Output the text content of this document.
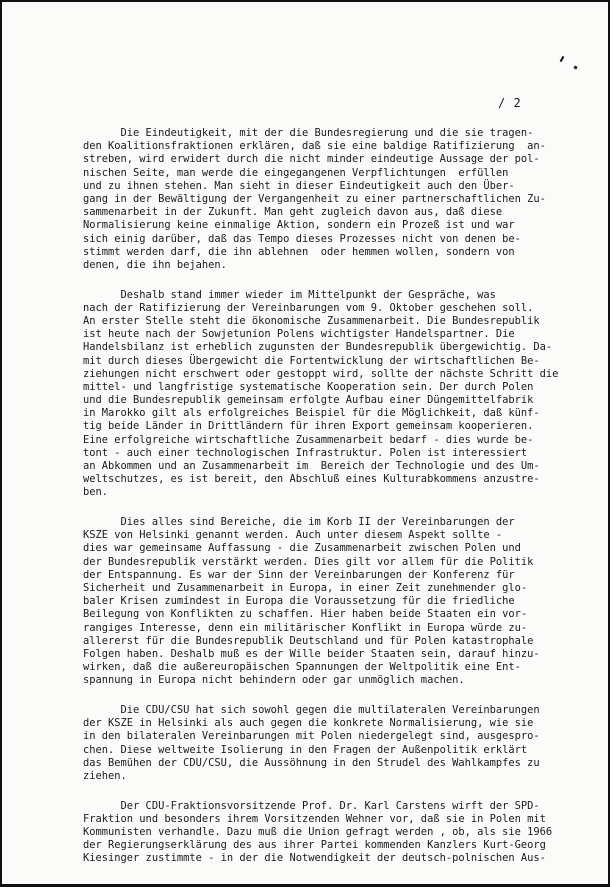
/ 2
Die Eindeutigkeit, mit der die Bundesregierung und die sie tragen-
den Koalitionsfraktionen erklären, daß sie eine baldige Ratifizierung  an-
streben, wird erwidert durch die nicht minder eindeutige Aussage der pol-
nischen Seite, man werde die eingegangenen Verpflichtungen  erfüllen
und zu ihnen stehen. Man sieht in dieser Eindeutigkeit auch den Über-
gang in der Bewältigung der Vergangenheit zu einer partnerschaftlichen Zu-
sammenarbeit in der Zukunft. Man geht zugleich davon aus, daß diese
Normalisierung keine einmalige Aktion, sondern ein Prozeß ist und war
sich einig darüber, daß das Tempo dieses Prozesses nicht von denen be-
stimmt werden darf, die ihn ablehnen  oder hemmen wollen, sondern von
denen, die ihn bejahen.
Deshalb stand immer wieder im Mittelpunkt der Gespräche, was
nach der Ratifizierung der Vereinbarungen vom 9. Oktober geschehen soll.
An erster Stelle steht die ökonomische Zusammenarbeit. Die Bundesrepublik
ist heute nach der Sowjetunion Polens wichtigster Handelspartner. Die
Handelsbilanz ist erheblich zugunsten der Bundesrepublik übergewichtig. Da-
mit durch dieses Übergewicht die Fortentwicklung der wirtschaftlichen Be-
ziehungen nicht erschwert oder gestoppt wird, sollte der nächste Schritt die
mittel- und langfristige systematische Kooperation sein. Der durch Polen
und die Bundesrepublik gemeinsam erfolgte Aufbau einer Düngemittelfabrik
in Marokko gilt als erfolgreiches Beispiel für die Möglichkeit, daß künf-
tig beide Länder in Drittländern für ihren Export gemeinsam kooperieren.
Eine erfolgreiche wirtschaftliche Zusammenarbeit bedarf - dies wurde be-
tont - auch einer technologischen Infrastruktur. Polen ist interessiert
an Abkommen und an Zusammenarbeit im  Bereich der Technologie und des Um-
weltschutzes, es ist bereit, den Abschluß eines Kulturabkommens anzustre-
ben.
Dies alles sind Bereiche, die im Korb II der Vereinbarungen der
KSZE von Helsinki genannt werden. Auch unter diesem Aspekt sollte -
dies war gemeinsame Auffassung - die Zusammenarbeit zwischen Polen und
der Bundesrepublik verstärkt werden. Dies gilt vor allem für die Politik
der Entspannung. Es war der Sinn der Vereinbarungen der Konferenz für
Sicherheit und Zusammenarbeit in Europa, in einer Zeit zunehmender glo-
baler Krisen zumindest in Europa die Voraussetzung für die friedliche
Beilegung von Konflikten zu schaffen. Hier haben beide Staaten ein vor-
rangiges Interesse, denn ein militärischer Konflikt in Europa würde zu-
allererst für die Bundesrepublik Deutschland und für Polen katastrophale
Folgen haben. Deshalb muß es der Wille beider Staaten sein, darauf hinzu-
wirken, daß die außereuropäischen Spannungen der Weltpolitik eine Ent-
spannung in Europa nicht behindern oder gar unmöglich machen.
Die CDU/CSU hat sich sowohl gegen die multilateralen Vereinbarungen
der KSZE in Helsinki als auch gegen die konkrete Normalisierung, wie sie
in den bilateralen Vereinbarungen mit Polen niedergelegt sind, ausgespro-
chen. Diese weltweite Isolierung in den Fragen der Außenpolitik erklärt
das Bemühen der CDU/CSU, die Aussöhnung in den Strudel des Wahlkampfes zu
ziehen.
Der CDU-Fraktionsvorsitzende Prof. Dr. Karl Carstens wirft der SPD-
Fraktion und besonders ihrem Vorsitzenden Wehner vor, daß sie in Polen mit
Kommunisten verhandle. Dazu muß die Union gefragt werden , ob, als sie 1966
der Regierungserklärung des aus ihrer Partei kommenden Kanzlers Kurt-Georg
Kiesinger zustimmte - in der die Notwendigkeit der deutsch-polnischen Aus-
